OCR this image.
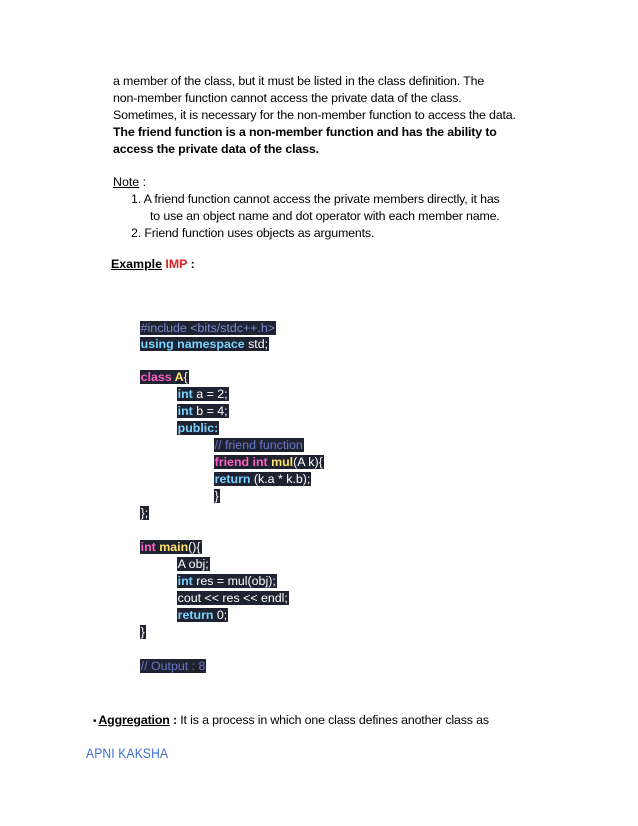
a member of the class, but it must be listed in the class definition. The
non-member function cannot access the private data of the class.
Sometimes, it is necessary for the non-member function to access the data.
The friend function is a non-member function and has the ability to
access the private data of the class.
Note :
1. A friend function cannot access the private members directly, it has
to use an object name and dot operator with each member name.
2. Friend function uses objects as arguments.
Example IMP :

#include <bits/stdc++.h>

using namespace std;

class A{

int a = 2;

int b = 4;

public:

// friend function

friend int mul(A k){

return (k.a * k.b);

}

};

int main(){

A obj;

int res = mul(obj);

cout << res << endl;

return 0;

}

// Output : 8

• Aggregation : It is a process in which one class defines another class as
APNI KAKSHA
